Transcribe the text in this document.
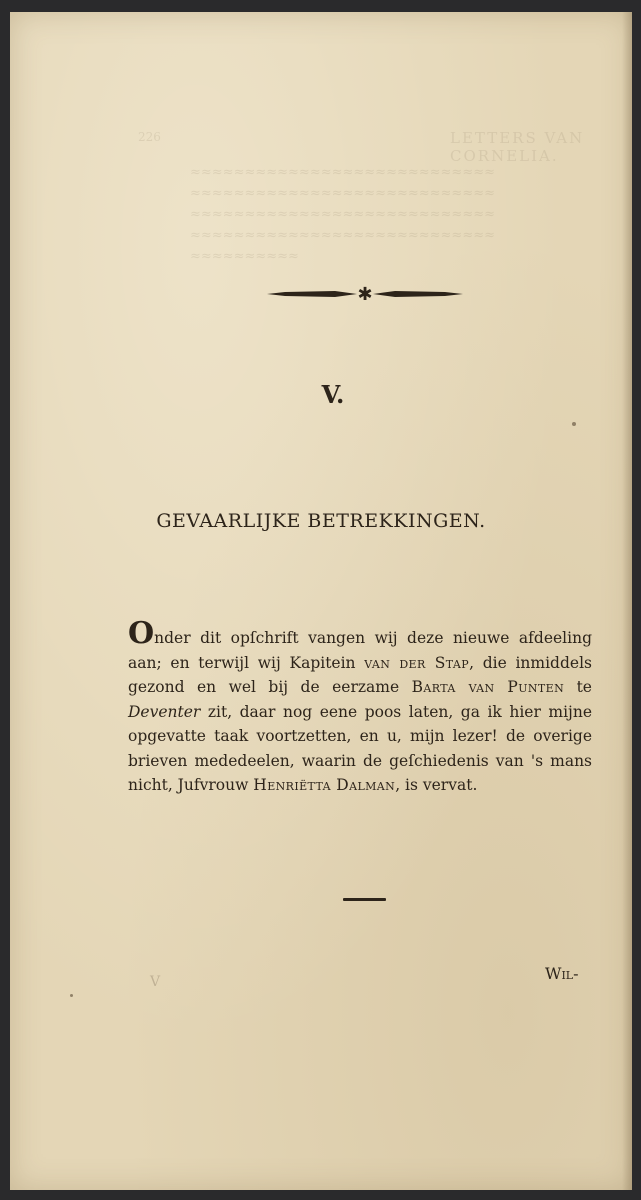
226	LETTERS VAN CORNELIA.
≈≈≈≈≈≈≈≈≈≈≈≈≈≈≈≈≈≈≈≈≈≈≈≈≈≈≈≈
≈≈≈≈≈≈≈≈≈≈≈≈≈≈≈≈≈≈≈≈≈≈≈≈≈≈≈≈
≈≈≈≈≈≈≈≈≈≈≈≈≈≈≈≈≈≈≈≈≈≈≈≈≈≈≈≈
≈≈≈≈≈≈≈≈≈≈≈≈≈≈≈≈≈≈≈≈≈≈≈≈≈≈≈≈
≈≈≈≈≈≈≈≈≈≈
✱
V.
GEVAARLIJKE BETREKKINGEN.
Onder dit opſchrift vangen wij deze nieuwe afdeeling aan; en terwijl wij Kapitein van der Stap, die inmiddels gezond en wel bij de eerzame Barta van Punten te Deventer zit, daar nog eene poos laten, ga ik hier mijne opgevatte taak voortzetten, en u, mijn lezer! de overige brieven mededeelen, waarin de geſchiedenis van 's mans nicht, Jufvrouw Henriëtta Dalman, is vervat.
V	Wil-
